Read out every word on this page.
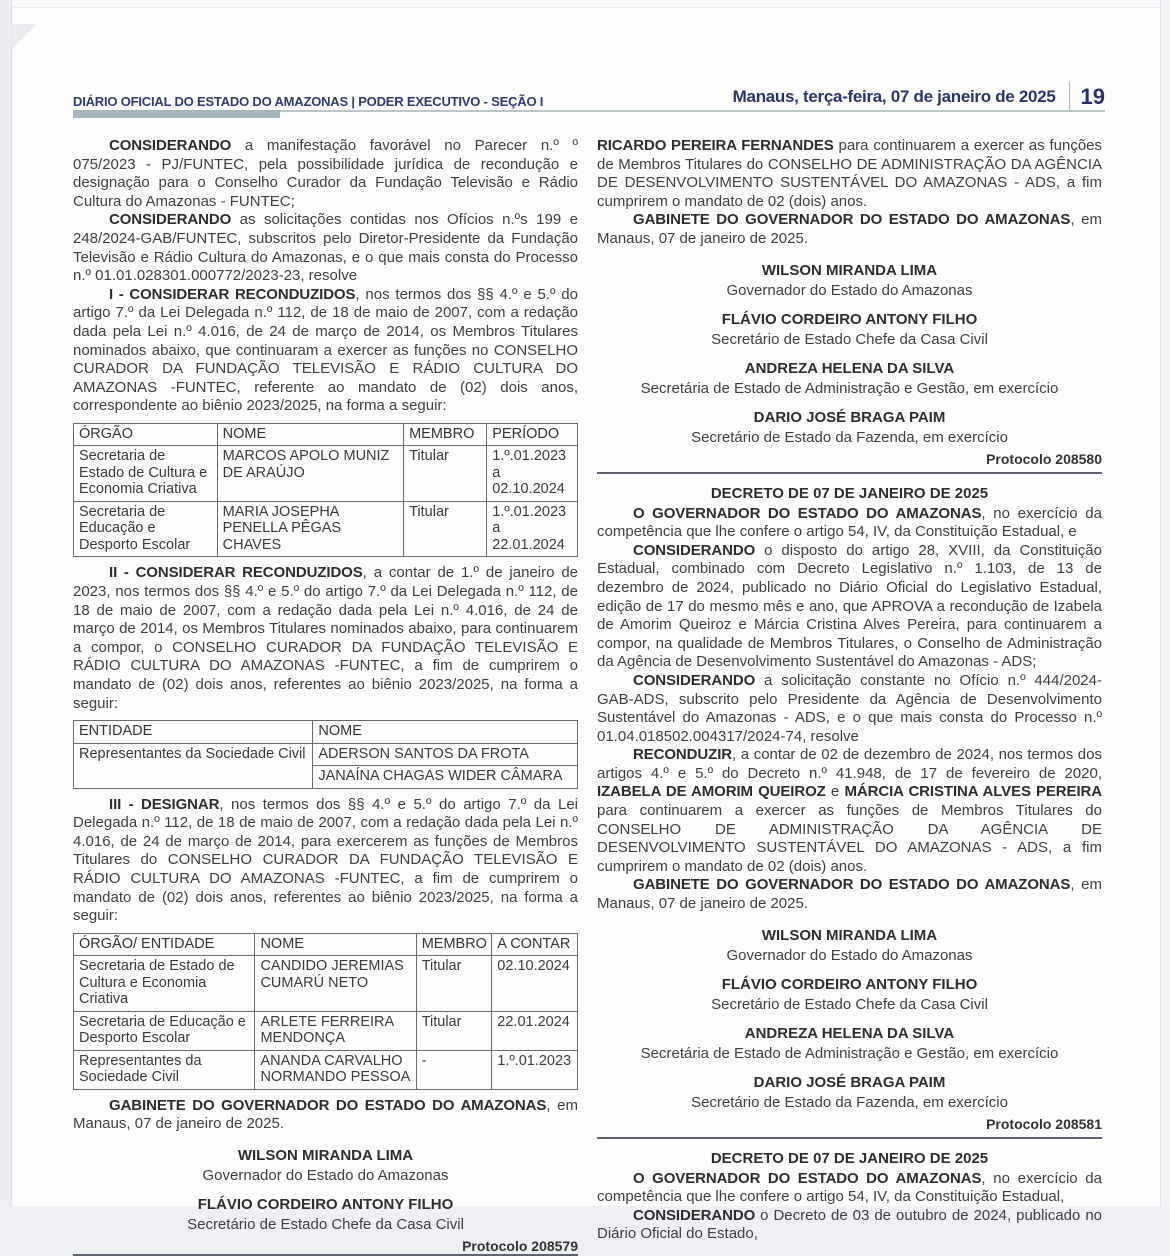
DIÁRIO OFICIAL DO ESTADO DO AMAZONAS | PODER EXECUTIVO - SEÇÃO I	Manaus, terça-feira, 07 de janeiro de 2025 19

CONSIDERANDO a manifestação favorável no Parecer n.º º 075/2023 - PJ/FUNTEC, pela possibilidade jurídica de recondução e designação para o Conselho Curador da Fundação Televisão e Rádio Cultura do Amazonas - FUNTEC;

CONSIDERANDO as solicitações contidas nos Ofícios n.ºs 199 e 248/2024-GAB/FUNTEC, subscritos pelo Diretor-Presidente da Fundação Televisão e Rádio Cultura do Amazonas, e o que mais consta do Processo n.º 01.01.028301.000772/2023-23, resolve

I - CONSIDERAR RECONDUZIDOS, nos termos dos §§ 4.º e 5.º do artigo 7.º da Lei Delegada n.º 112, de 18 de maio de 2007, com a redação dada pela Lei n.º 4.016, de 24 de março de 2014, os Membros Titulares nominados abaixo, que continuaram a exercer as funções no CONSELHO CURADOR DA FUNDAÇÃO TELEVISÃO E RÁDIO CULTURA DO AMAZONAS -FUNTEC, referente ao mandato de (02) dois anos, correspondente ao biênio 2023/2025, na forma a seguir:

ÓRGÃO	NOME	MEMBRO	PERÍODO
Secretaria de Estado de Cultura e Economia Criativa	MARCOS APOLO MUNIZ DE ARAÚJO	Titular	1.º.01.2023 a 02.10.2024
Secretaria de Educação e Desporto Escolar	MARIA JOSEPHA PENELLA PÊGAS CHAVES	Titular	1.º.01.2023 a 22.01.2024

II - CONSIDERAR RECONDUZIDOS, a contar de 1.º de janeiro de 2023, nos termos dos §§ 4.º e 5.º do artigo 7.º da Lei Delegada n.º 112, de 18 de maio de 2007, com a redação dada pela Lei n.º 4.016, de 24 de março de 2014, os Membros Titulares nominados abaixo, para continuarem a compor, o CONSELHO CURADOR DA FUNDAÇÃO TELEVISÃO E RÁDIO CULTURA DO AMAZONAS -FUNTEC, a fim de cumprirem o mandato de (02) dois anos, referentes ao biênio 2023/2025, na forma a seguir:

ENTIDADE	NOME
Representantes da Sociedade Civil	ADERSON SANTOS DA FROTA
	JANAÍNA CHAGAS WIDER CÂMARA

III - DESIGNAR, nos termos dos §§ 4.º e 5.º do artigo 7.º da Lei Delegada n.º 112, de 18 de maio de 2007, com a redação dada pela Lei n.º 4.016, de 24 de março de 2014, para exercerem as funções de Membros Titulares do CONSELHO CURADOR DA FUNDAÇÃO TELEVISÃO E RÁDIO CULTURA DO AMAZONAS -FUNTEC, a fim de cumprirem o mandato de (02) dois anos, referentes ao biênio 2023/2025, na forma a seguir:

ÓRGÃO/ ENTIDADE	NOME	MEMBRO	A CONTAR
Secretaria de Estado de Cultura e Economia Criativa	CANDIDO JEREMIAS CUMARÚ NETO	Titular	02.10.2024
Secretaria de Educação e Desporto Escolar	ARLETE FERREIRA MENDONÇA	Titular	22.01.2024
Representantes da Sociedade Civil	ANANDA CARVALHO NORMANDO PESSOA	-	1.º.01.2023

GABINETE DO GOVERNADOR DO ESTADO DO AMAZONAS, em Manaus, 07 de janeiro de 2025.

WILSON MIRANDA LIMA
Governador do Estado do Amazonas
FLÁVIO CORDEIRO ANTONY FILHO
Secretário de Estado Chefe da Casa Civil
Protocolo 208579

RICARDO PEREIRA FERNANDES para continuarem a exercer as funções de Membros Titulares do CONSELHO DE ADMINISTRAÇÃO DA AGÊNCIA DE DESENVOLVIMENTO SUSTENTÁVEL DO AMAZONAS - ADS, a fim cumprirem o mandato de 02 (dois) anos.

GABINETE DO GOVERNADOR DO ESTADO DO AMAZONAS, em Manaus, 07 de janeiro de 2025.

WILSON MIRANDA LIMA
Governador do Estado do Amazonas
FLÁVIO CORDEIRO ANTONY FILHO
Secretário de Estado Chefe da Casa Civil
ANDREZA HELENA DA SILVA
Secretária de Estado de Administração e Gestão, em exercício
DARIO JOSÉ BRAGA PAIM
Secretário de Estado da Fazenda, em exercício
Protocolo 208580
DECRETO DE 07 DE JANEIRO DE 2025

O GOVERNADOR DO ESTADO DO AMAZONAS, no exercício da competência que lhe confere o artigo 54, IV, da Constituição Estadual, e

CONSIDERANDO o disposto do artigo 28, XVIII, da Constituição Estadual, combinado com Decreto Legislativo n.º 1.103, de 13 de dezembro de 2024, publicado no Diário Oficial do Legislativo Estadual, edição de 17 do mesmo mês e ano, que APROVA a recondução de Izabela de Amorim Queiroz e Márcia Cristina Alves Pereira, para continuarem a compor, na qualidade de Membros Titulares, o Conselho de Administração da Agência de Desenvolvimento Sustentável do Amazonas - ADS;

CONSIDERANDO a solicitação constante no Ofício n.º 444/2024-GAB-ADS, subscrito pelo Presidente da Agência de Desenvolvimento Sustentável do Amazonas - ADS, e o que mais consta do Processo n.º 01.04.018502.004317/2024-74, resolve

RECONDUZIR, a contar de 02 de dezembro de 2024, nos termos dos artigos 4.º e 5.º do Decreto n.º 41.948, de 17 de fevereiro de 2020, IZABELA DE AMORIM QUEIROZ e MÁRCIA CRISTINA ALVES PEREIRA para continuarem a exercer as funções de Membros Titulares do CONSELHO DE ADMINISTRAÇÃO DA AGÊNCIA DE DESENVOLVIMENTO SUSTENTÁVEL DO AMAZONAS - ADS, a fim cumprirem o mandato de 02 (dois) anos.

GABINETE DO GOVERNADOR DO ESTADO DO AMAZONAS, em Manaus, 07 de janeiro de 2025.

WILSON MIRANDA LIMA
Governador do Estado do Amazonas
FLÁVIO CORDEIRO ANTONY FILHO
Secretário de Estado Chefe da Casa Civil
ANDREZA HELENA DA SILVA
Secretária de Estado de Administração e Gestão, em exercício
DARIO JOSÉ BRAGA PAIM
Secretário de Estado da Fazenda, em exercício
Protocolo 208581
DECRETO DE 07 DE JANEIRO DE 2025

O GOVERNADOR DO ESTADO DO AMAZONAS, no exercício da competência que lhe confere o artigo 54, IV, da Constituição Estadual,

CONSIDERANDO o Decreto de 03 de outubro de 2024, publicado no Diário Oficial do Estado,
